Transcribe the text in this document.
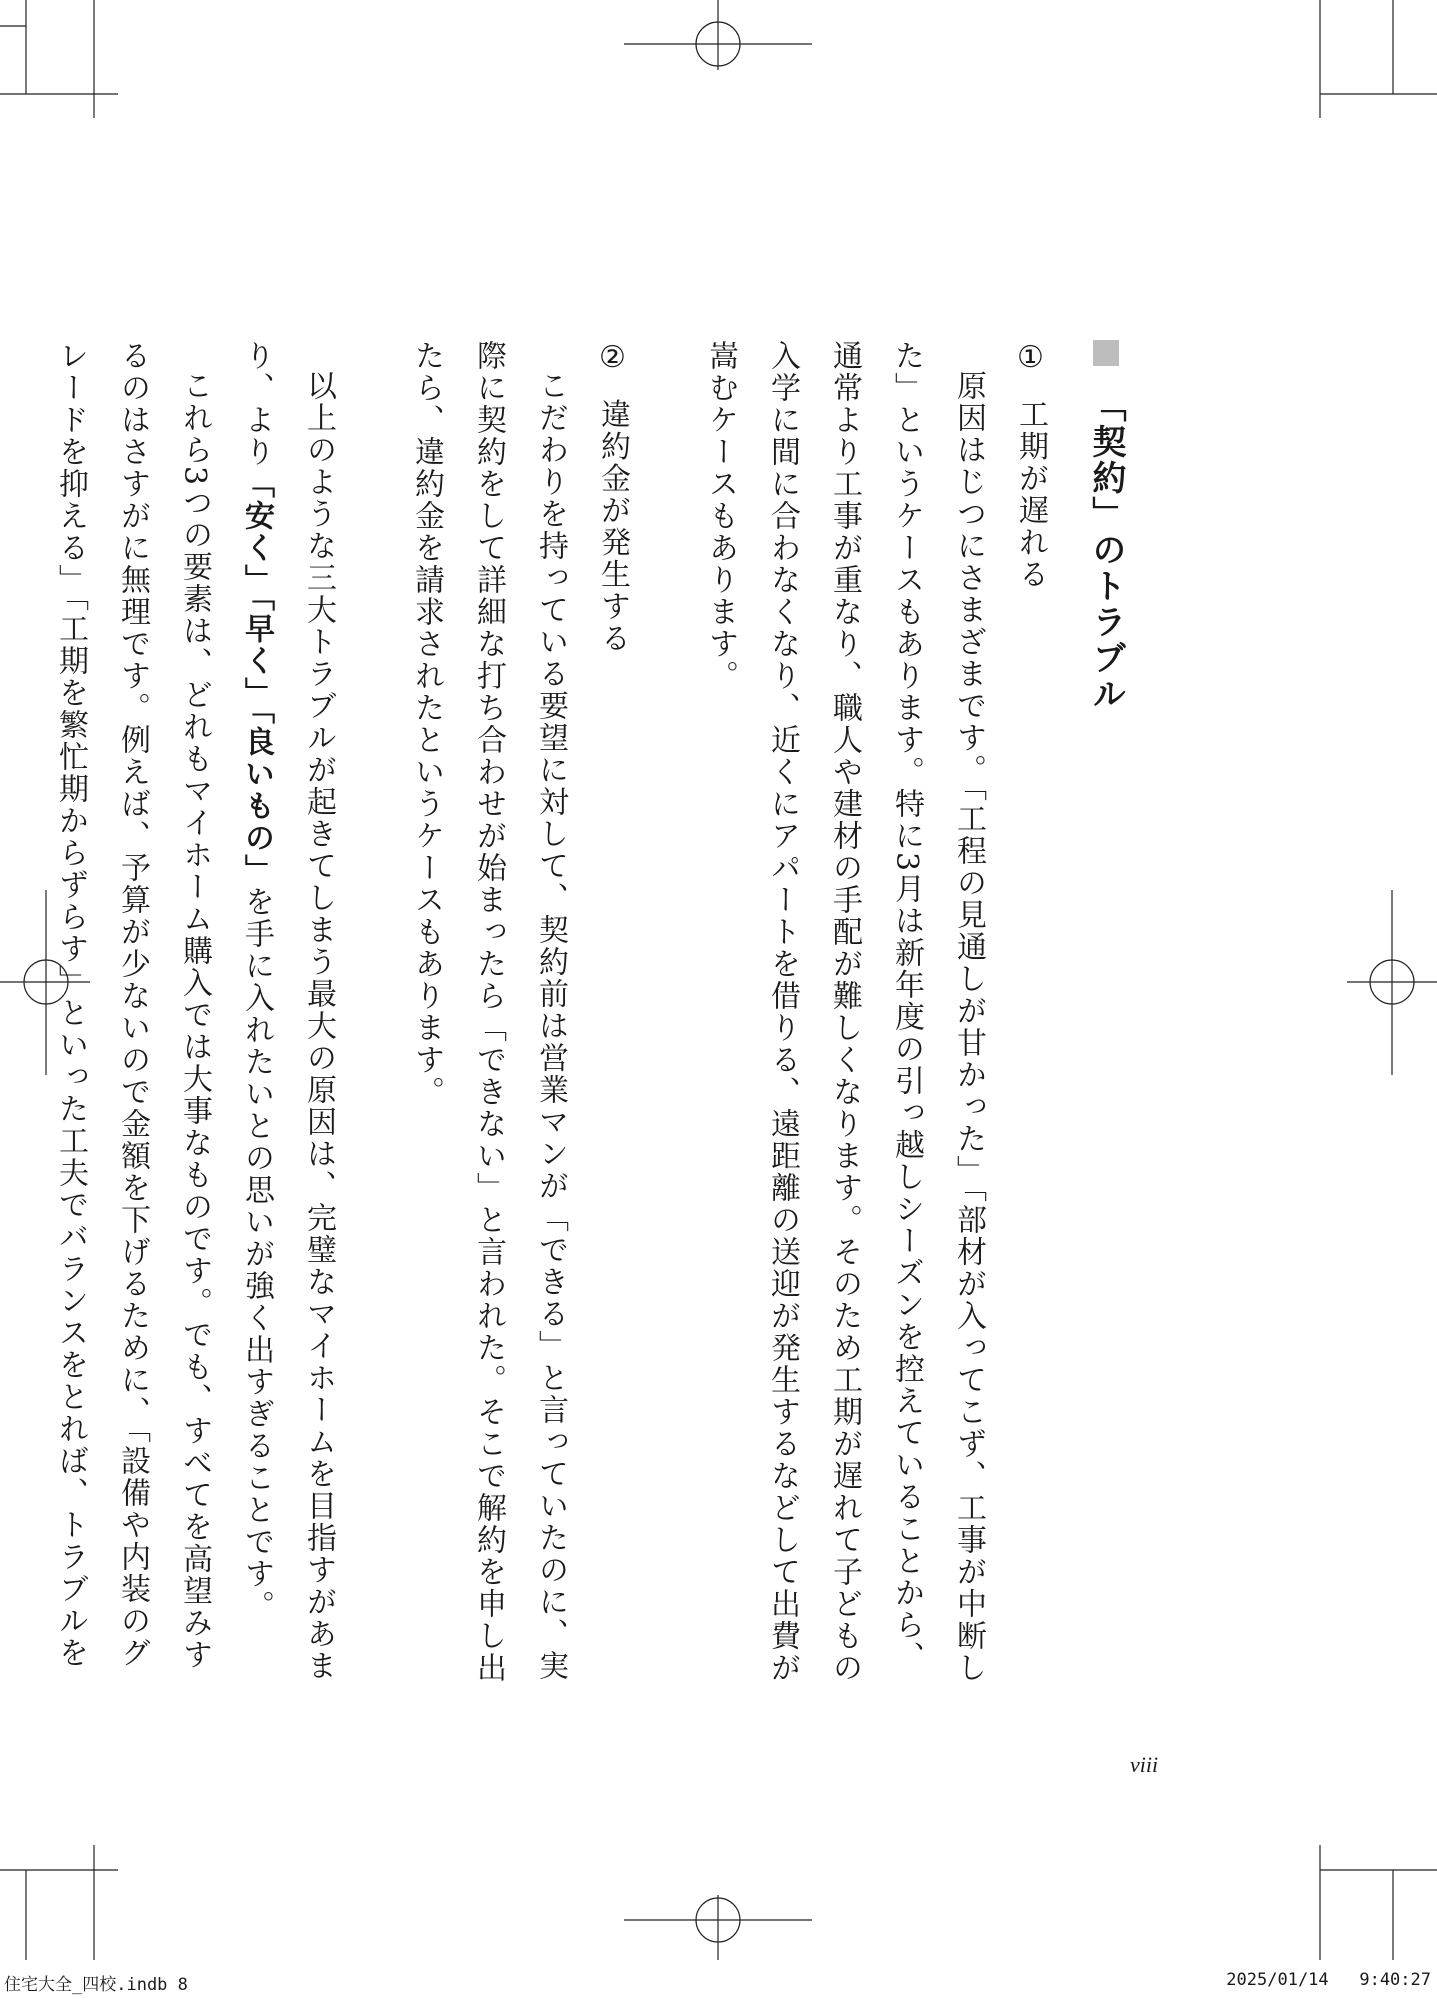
「契約」のトラブル
① 工期が遅れる
原因はじつにさまざまです。「工程の見通しが甘かった」「部材が入ってこず、工事が中断した」というケースもあります。特に3月は新年度の引っ越しシーズンを控えていることから、通常より工事が重なり、職人や建材の手配が難しくなります。そのため工期が遅れて子どもの入学に間に合わなくなり、近くにアパートを借りる、遠距離の送迎が発生するなどして出費が嵩むケースもあります。
② 違約金が発生する
こだわりを持っている要望に対して、契約前は営業マンが「できる」と言っていたのに、実際に契約をして詳細な打ち合わせが始まったら「できない」と言われた。そこで解約を申し出たら、違約金を請求されたというケースもあります。
以上のような三大トラブルが起きてしまう最大の原因は、完璧なマイホームを目指すがあまり、より「安く」「早く」「良いもの」を手に入れたいとの思いが強く出すぎることです。
これら3つの要素は、どれもマイホーム購入では大事なものです。でも、すべてを高望みするのはさすがに無理です。例えば、予算が少ないので金額を下げるために、「設備や内装のグレードを抑える」「工期を繁忙期からずらす」といった工夫でバランスをとれば、トラブルを
viii
住宅大全_四校.indb 8	2025/01/14   9:40:27
